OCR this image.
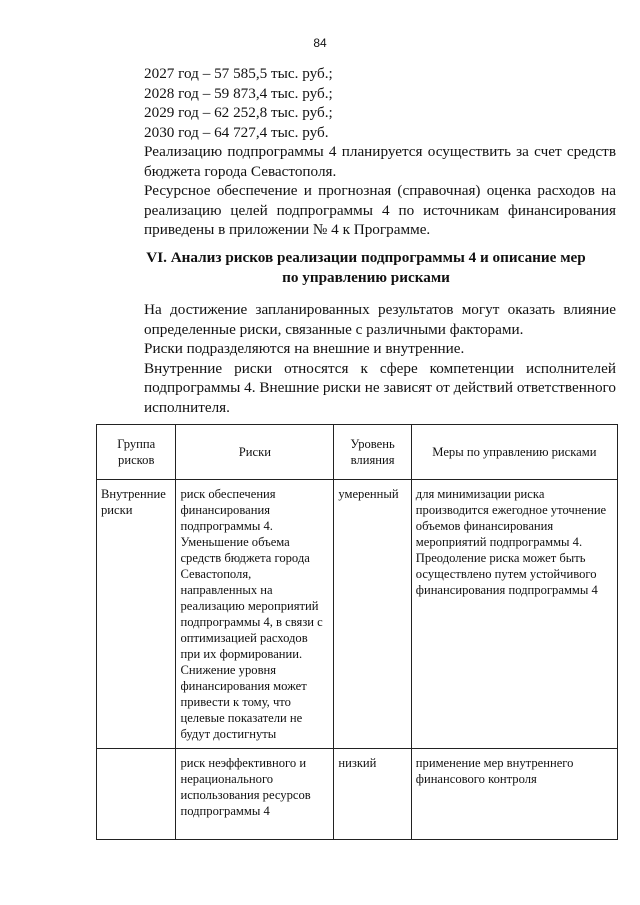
84
2027 год – 57 585,5 тыс. руб.;
2028 год – 59 873,4 тыс. руб.;
2029 год – 62 252,8 тыс. руб.;
2030 год – 64 727,4 тыс. руб.
Реализацию подпрограммы 4 планируется осуществить за счет средств бюджета города Севастополя.
Ресурсное обеспечение и прогнозная (справочная) оценка расходов на реализацию целей подпрограммы 4 по источникам финансирования приведены в приложении № 4 к Программе.
VI. Анализ рисков реализации подпрограммы 4 и описание мер
по управлению рисками
На достижение запланированных результатов могут оказать влияние определенные риски, связанные с различными факторами.
Риски подразделяются на внешние и внутренние.
Внутренние риски относятся к сфере компетенции исполнителей подпрограммы 4. Внешние риски не зависят от действий ответственного исполнителя.
Группа рисков	Риски	Уровень влияния	Меры по управлению рисками
Внутренние риски	риск обеспечения финансирования подпрограммы 4. Уменьшение объема средств бюджета города Севастополя, направленных на реализацию мероприятий подпрограммы 4, в связи с оптимизацией расходов при их формировании. Снижение уровня финансирования может привести к тому, что целевые показатели не будут достигнуты	умеренный	для минимизации риска производится ежегодное уточнение объемов финансирования мероприятий подпрограммы 4. Преодоление риска может быть осуществлено путем устойчивого финансирования подпрограммы 4
	риск неэффективного и нерационального использования ресурсов подпрограммы 4	низкий	применение мер внутреннего финансового контроля
